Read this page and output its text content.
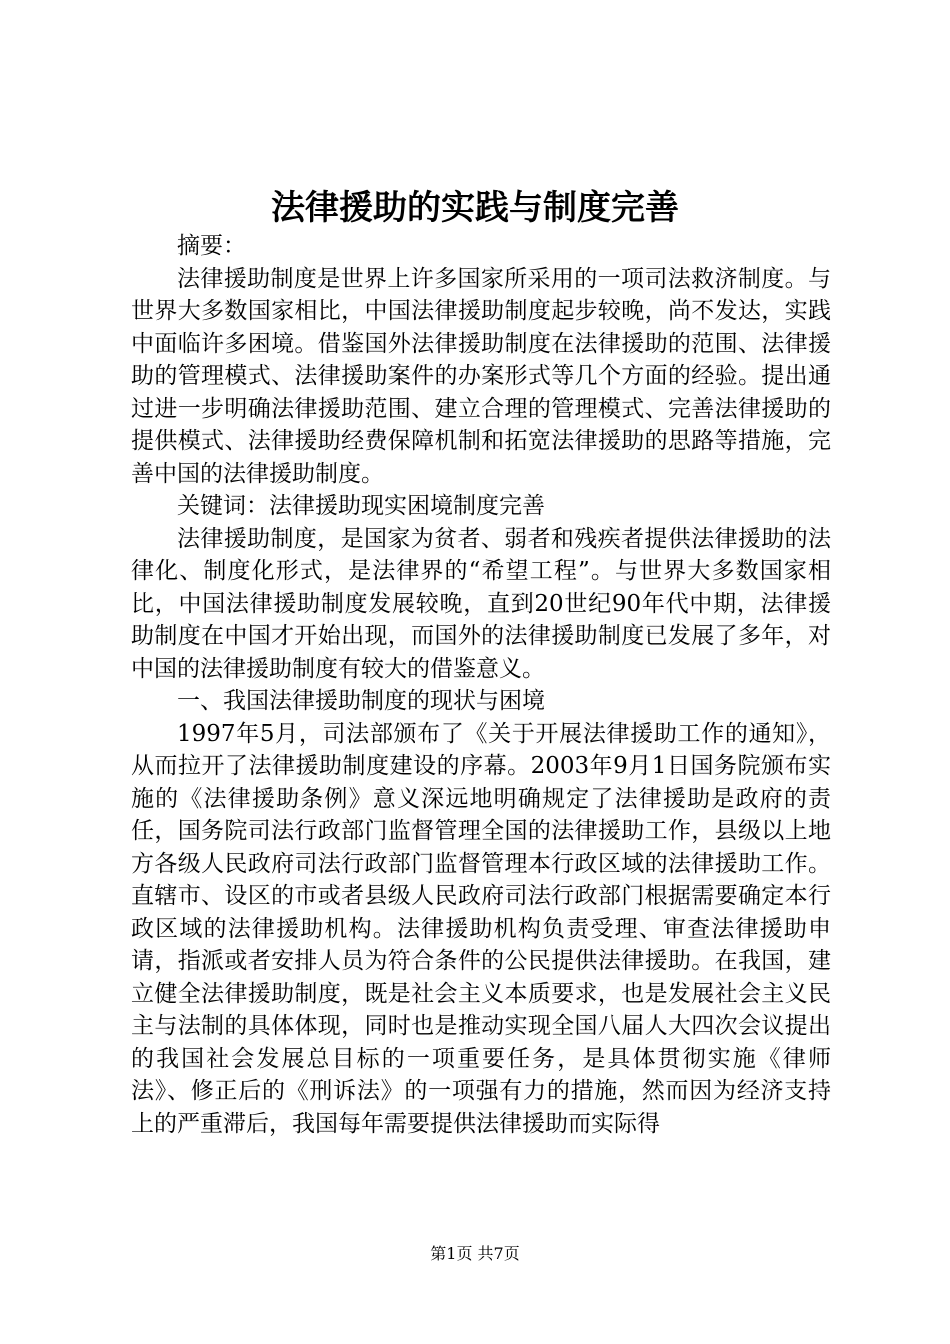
法律援助的实践与制度完善

摘要：

法律援助制度是世界上许多国家所采用的一项司法救济制度。与世界大多数国家相比，中国法律援助制度起步较晚，尚不发达，实践中面临许多困境。借鉴国外法律援助制度在法律援助的范围、法律援助的管理模式、法律援助案件的办案形式等几个方面的经验。提出通过进一步明确法律援助范围、建立合理的管理模式、完善法律援助的提供模式、法律援助经费保障机制和拓宽法律援助的思路等措施，完善中国的法律援助制度。

关键词：法律援助现实困境制度完善

法律援助制度，是国家为贫者、弱者和残疾者提供法律援助的法律化、制度化形式，是法律界的“希望工程”。与世界大多数国家相比，中国法律援助制度发展较晚，直到20世纪90年代中期，法律援助制度在中国才开始出现，而国外的法律援助制度已发展了多年，对中国的法律援助制度有较大的借鉴意义。

一、我国法律援助制度的现状与困境

1997年5月，司法部颁布了《关于开展法律援助工作的通知》，从而拉开了法律援助制度建设的序幕。2003年9月1日国务院颁布实施的《法律援助条例》意义深远地明确规定了法律援助是政府的责任，国务院司法行政部门监督管理全国的法律援助工作，县级以上地方各级人民政府司法行政部门监督管理本行政区域的法律援助工作。直辖市、设区的市或者县级人民政府司法行政部门根据需要确定本行政区域的法律援助机构。法律援助机构负责受理、审查法律援助申请，指派或者安排人员为符合条件的公民提供法律援助。在我国，建立健全法律援助制度，既是社会主义本质要求，也是发展社会主义民主与法制的具体体现，同时也是推动实现全国八届人大四次会议提出的我国社会发展总目标的一项重要任务，是具体贯彻实施《律师法》、修正后的《刑诉法》的一项强有力的措施，然而因为经济支持上的严重滞后，我国每年需要提供法律援助而实际得

第1页 共7页
